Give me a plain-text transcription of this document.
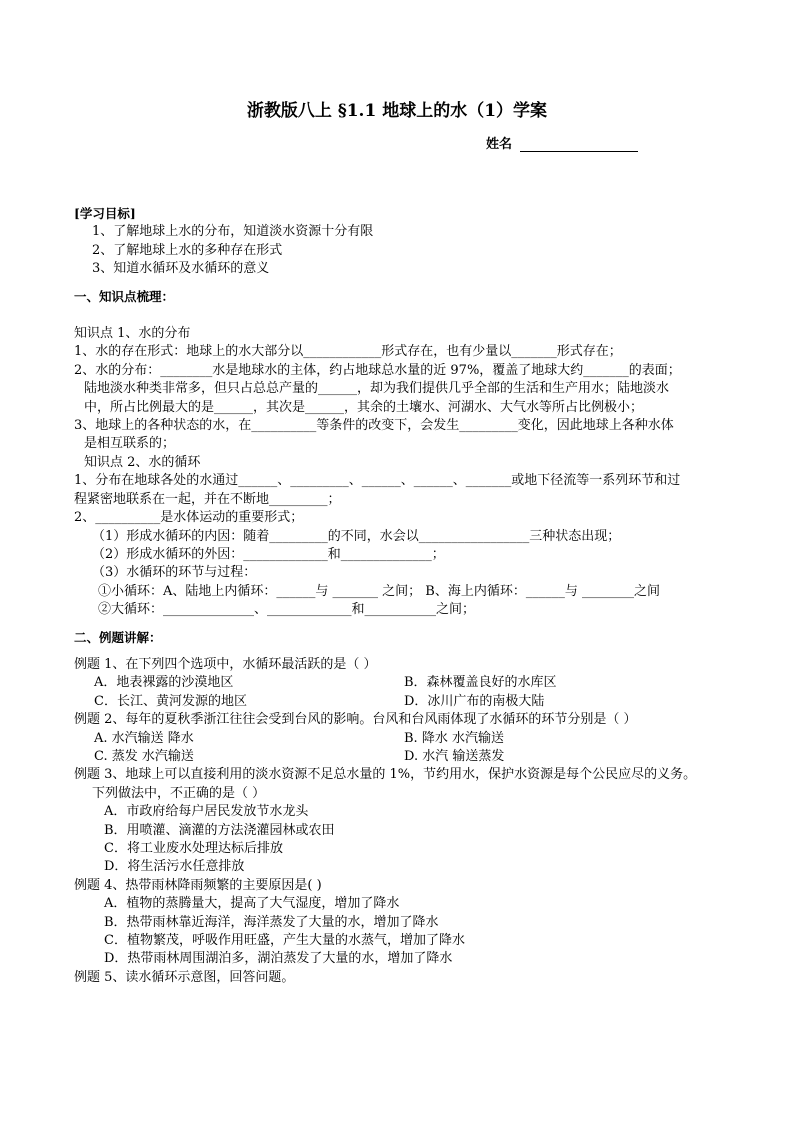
浙教版八上 §1.1 地球上的水（1）学案
姓名
[学习目标]
1、了解地球上水的分布，知道淡水资源十分有限
2、了解地球上水的多种存在形式
3、知道水循环及水循环的意义
一、知识点梳理：
知识点 1、水的分布
1、水的存在形式：地球上的水大部分以____________形式存在，也有少量以_______形式存在；
2、水的分布：________水是地球水的主体，约占地球总水量的近 97%，覆盖了地球大约_______的表面；
陆地淡水种类非常多，但只占总总产量的______，却为我们提供几乎全部的生活和生产用水；陆地淡水
中，所占比例最大的是______，其次是______，其余的土壤水、河湖水、大气水等所占比例极小；
3、地球上的各种状态的水，在__________等条件的改变下，会发生_________变化，因此地球上各种水体
是相互联系的；
知识点 2、水的循环
1、分布在地球各处的水通过______、_________、______、______、_______或地下径流等一系列环节和过
程紧密地联系在一起，并在不断地_________；
2、__________是水体运动的重要形式；
（1）形成水循环的内因：随着_________的不同，水会以_________________三种状态出现；
（2）形成水循环的外因：_____________和______________；
（3）水循环的环节与过程：
①小循环：A、陆地上内循环：______与 _______ 之间； B、海上内循环：______与 ________之间
②大循环：______________、_____________和___________之间；
二、例题讲解：
例题 1、在下列四个选项中，水循环最活跃的是（ ）
A．地表裸露的沙漠地区	B．森林覆盖良好的水库区
C．长江、黄河发源的地区	D．冰川广布的南极大陆
例题 2、每年的夏秋季浙江往往会受到台风的影响。台风和台风雨体现了水循环的环节分别是（ ）
A. 水汽输送 降水	B. 降水 水汽输送
C. 蒸发 水汽输送	D. 水汽 输送蒸发
例题 3、地球上可以直接利用的淡水资源不足总水量的 1%，节约用水，保护水资源是每个公民应尽的义务。
下列做法中，不正确的是（ ）
A．市政府给每户居民发放节水龙头
B．用喷灌、滴灌的方法浇灌园林或农田
C．将工业废水处理达标后排放
D．将生活污水任意排放
例题 4、热带雨林降雨频繁的主要原因是( )
A．植物的蒸腾量大，提高了大气湿度，增加了降水
B．热带雨林靠近海洋，海洋蒸发了大量的水，增加了降水
C．植物繁茂，呼吸作用旺盛，产生大量的水蒸气，增加了降水
D．热带雨林周围湖泊多，湖泊蒸发了大量的水，增加了降水
例题 5、读水循环示意图，回答问题。
